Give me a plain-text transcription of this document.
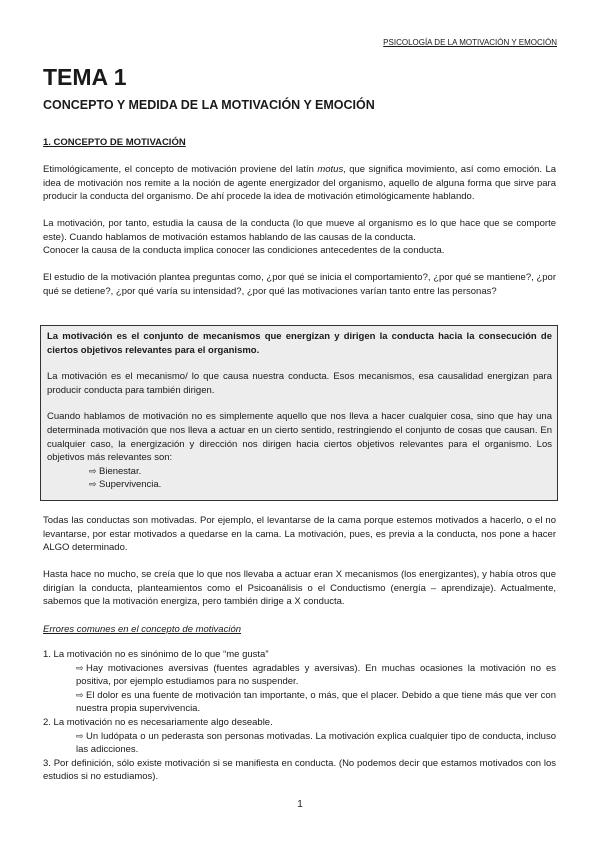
PSICOLOGÍA DE LA MOTIVACIÓN Y EMOCIÓN
TEMA 1
CONCEPTO Y MEDIDA DE LA MOTIVACIÓN Y EMOCIÓN
1. CONCEPTO DE MOTIVACIÓN

Etimológicamente, el concepto de motivación proviene del latín motus, que significa movimiento, así como emoción. La idea de motivación nos remite a la noción de agente energizador del organismo, aquello de alguna forma que sirve para producir la conducta del organismo. De ahí procede la idea de motivación etimológicamente hablando.

La motivación, por tanto, estudia la causa de la conducta (lo que mueve al organismo es lo que hace que se comporte este). Cuando hablamos de motivación estamos hablando de las causas de la conducta.

Conocer la causa de la conducta implica conocer las condiciones antecedentes de la conducta.

El estudio de la motivación plantea preguntas como, ¿por qué se inicia el comportamiento?, ¿por qué se mantiene?, ¿por qué se detiene?, ¿por qué varía su intensidad?, ¿por qué las motivaciones varían tanto entre las personas?

La motivación es el conjunto de mecanismos que energizan y dirigen la conducta hacia la consecución de ciertos objetivos relevantes para el organismo.

La motivación es el mecanismo/ lo que causa nuestra conducta. Esos mecanismos, esa causalidad energizan para producir conducta para también dirigen.

Cuando hablamos de motivación no es simplemente aquello que nos lleva a hacer cualquier cosa, sino que hay una determinada motivación que nos lleva a actuar en un cierto sentido, restringiendo el conjunto de cosas que causan. En cualquier caso, la energización y dirección nos dirigen hacia ciertos objetivos relevantes para el organismo. Los objetivos más relevantes son:

⇨ Bienestar.

⇨ Supervivencia.

Todas las conductas son motivadas. Por ejemplo, el levantarse de la cama porque estemos motivados a hacerlo, o el no levantarse, por estar motivados a quedarse en la cama. La motivación, pues, es previa a la conducta, nos pone a hacer ALGO determinado.

Hasta hace no mucho, se creía que lo que nos llevaba a actuar eran X mecanismos (los energizantes), y había otros que dirigían la conducta, planteamientos como el Psicoanálisis o el Conductismo (energía – aprendizaje). Actualmente, sabemos que la motivación energiza, pero también dirige a X conducta.

Errores comunes en el concepto de motivación

1. La motivación no es sinónimo de lo que “me gusta”

⇨ Hay motivaciones aversivas (fuentes agradables y aversivas). En muchas ocasiones la motivación no es positiva, por ejemplo estudiamos para no suspender.

⇨ El dolor es una fuente de motivación tan importante, o más, que el placer. Debido a que tiene más que ver con nuestra propia supervivencia.

2. La motivación no es necesariamente algo deseable.

⇨ Un ludópata o un pederasta son personas motivadas. La motivación explica cualquier tipo de conducta, incluso las adicciones.

3. Por definición, sólo existe motivación si se manifiesta en conducta. (No podemos decir que estamos motivados con los estudios si no estudiamos).

1
